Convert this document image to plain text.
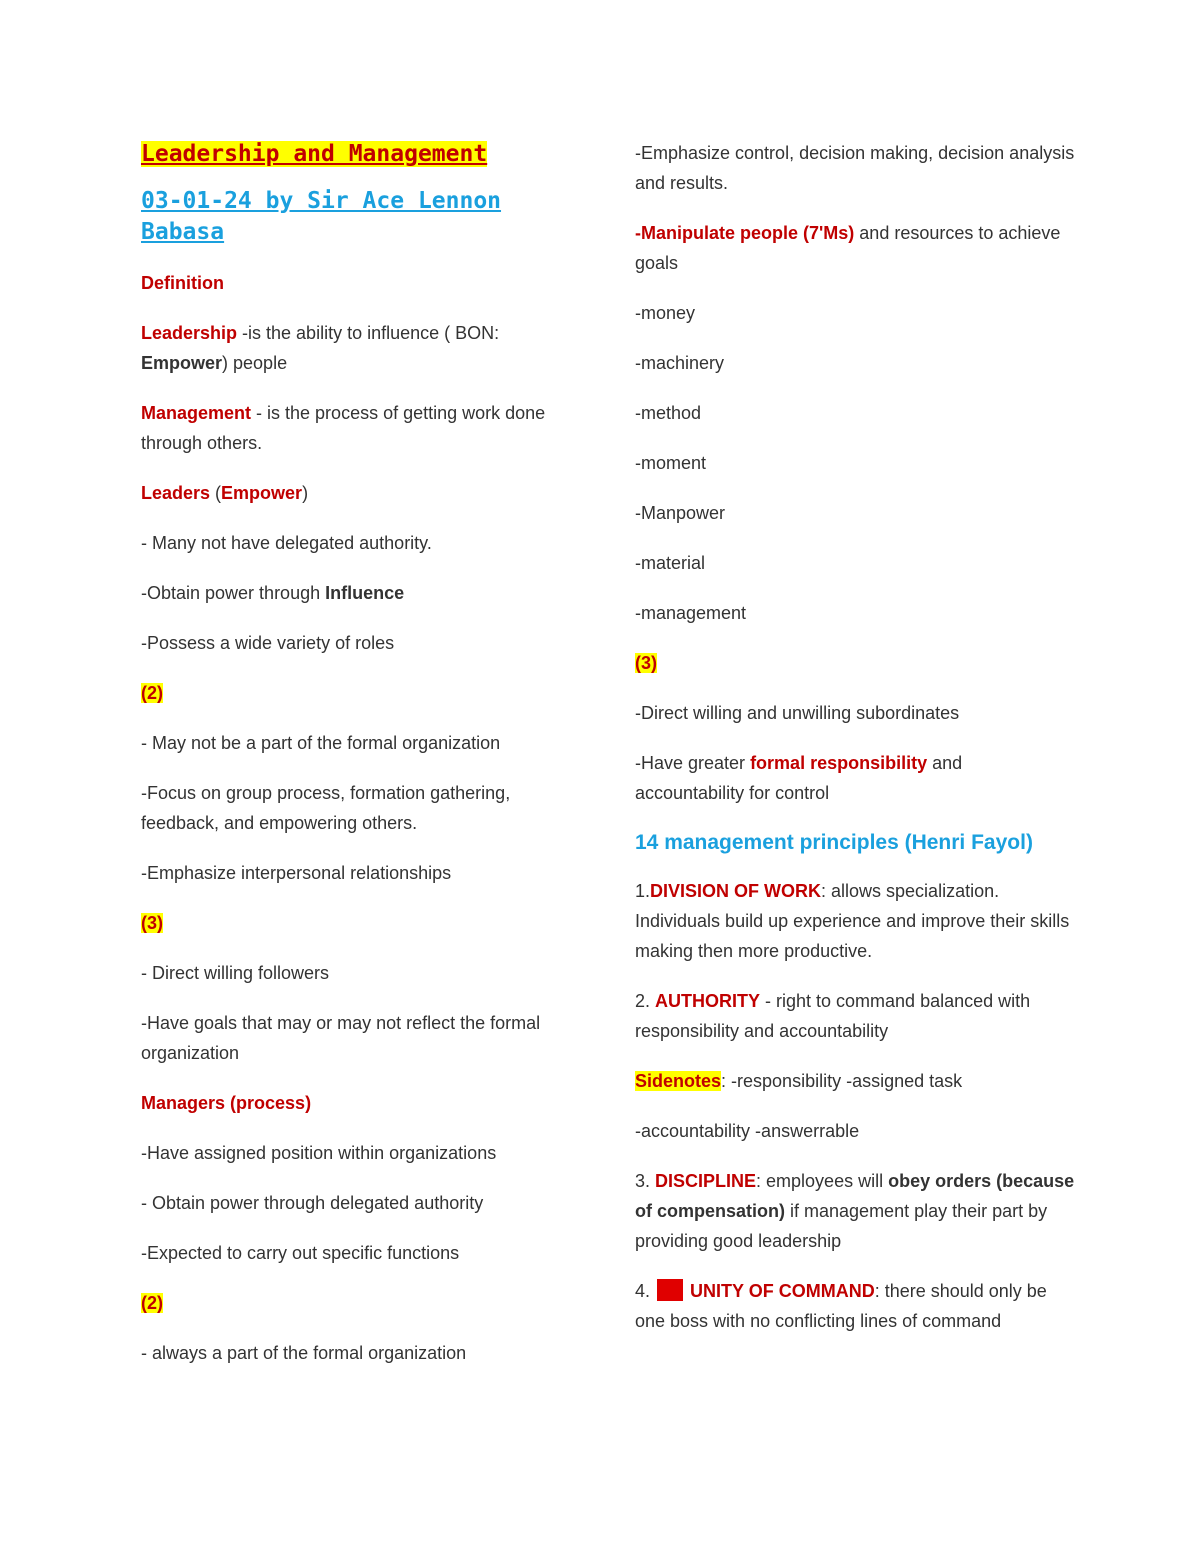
Leadership and Management
03-01-24 by Sir Ace Lennon Babasa

Definition

Leadership -is the ability to influence ( BON: Empower) people

Management - is the process of getting work done through others.

Leaders (Empower)

- Many not have delegated authority.

-Obtain power through Influence

-Possess a wide variety of roles

(2)

- May not be a part of the formal organization

-Focus on group process, formation gathering, feedback, and empowering others.

-Emphasize interpersonal relationships

(3)

- Direct willing followers

-Have goals that may or may not reflect the formal organization

Managers (process)

-Have assigned position within organizations

- Obtain power through delegated authority

-Expected to carry out specific functions

(2)

- always a part of the formal organization

-Emphasize control, decision making, decision analysis and results.

-Manipulate people (7'Ms) and resources to achieve goals

-money

-machinery

-method

-moment

-Manpower

-material

-management

(3)

-Direct willing and unwilling subordinates

-Have greater formal responsibility and accountability for control

14 management principles (Henri Fayol)

1.DIVISION OF WORK: allows specialization. Individuals build up experience and improve their skills making then more productive.

2. AUTHORITY - right to command balanced with responsibility and accountability

Sidenotes: -responsibility -assigned task

-accountability -answerrable

3. DISCIPLINE: employees will obey orders (because of compensation) if management play their part by providing good leadership

4.  UNITY OF COMMAND: there should only be one boss with no conflicting lines of command
